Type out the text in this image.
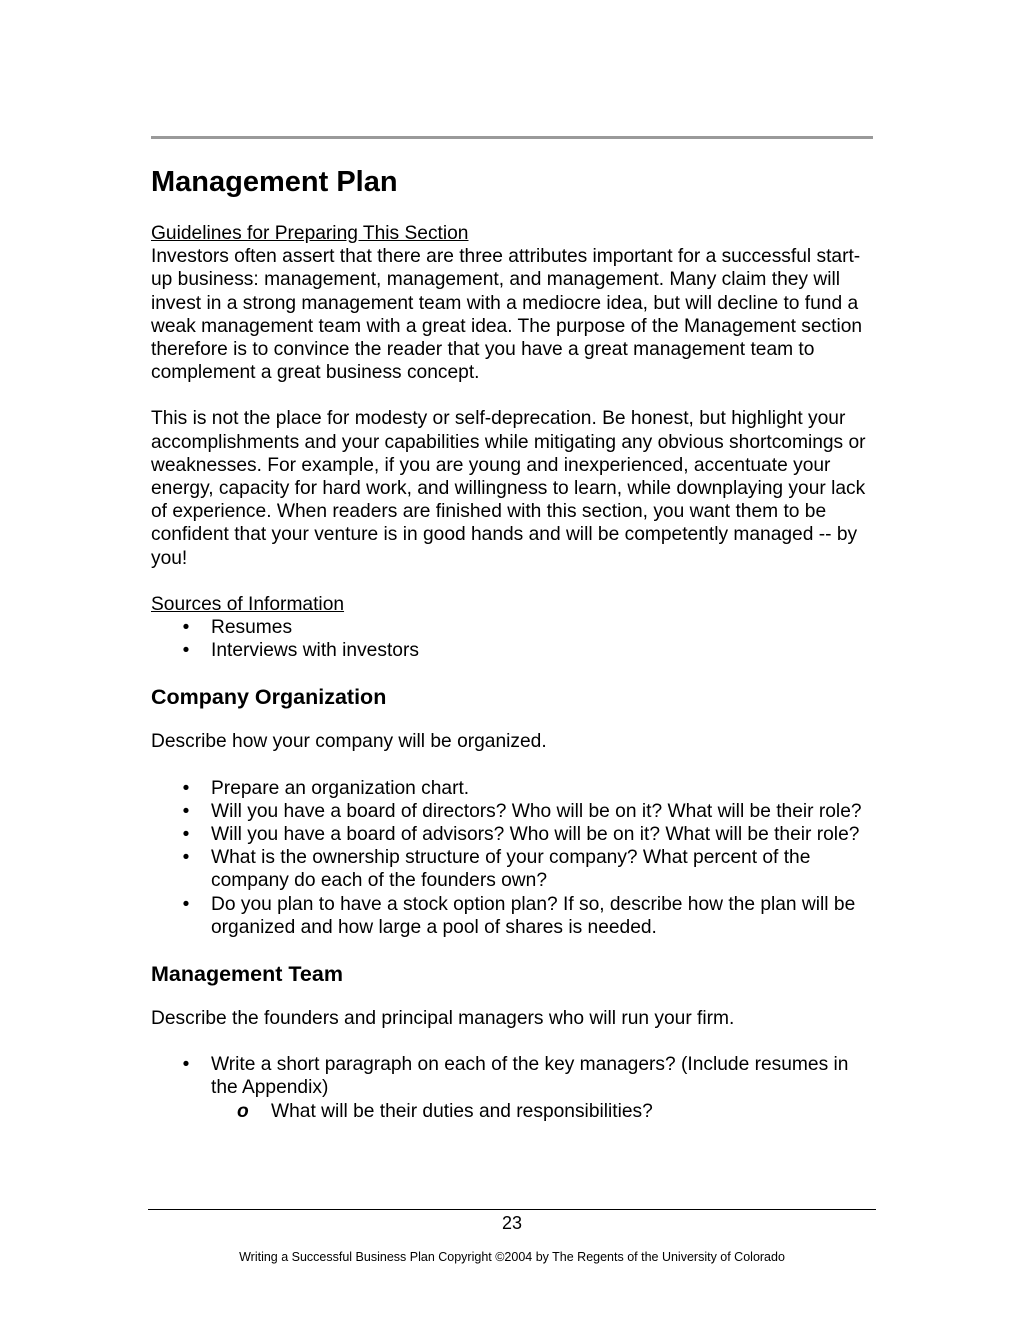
Management Plan
Guidelines for Preparing This Section

Investors often assert that there are three attributes important for a successful start-up business: management, management, and management. Many claim they will invest in a strong management team with a mediocre idea, but will decline to fund a weak management team with a great idea. The purpose of the Management section therefore is to convince the reader that you have a great management team to complement a great business concept.

This is not the place for modesty or self-deprecation. Be honest, but highlight your accomplishments and your capabilities while mitigating any obvious shortcomings or weaknesses. For example, if you are young and inexperienced, accentuate your energy, capacity for hard work, and willingness to learn, while downplaying your lack of experience. When readers are finished with this section, you want them to be confident that your venture is in good hands and will be competently managed -- by you!

Sources of Information
• Resumes
• Interviews with investors
Company Organization

Describe how your company will be organized.

• Prepare an organization chart.
• Will you have a board of directors? Who will be on it? What will be their role?
• Will you have a board of advisors? Who will be on it? What will be their role?
• What is the ownership structure of your company? What percent of the company do each of the founders own?
• Do you plan to have a stock option plan? If so, describe how the plan will be organized and how large a pool of shares is needed.
Management Team

Describe the founders and principal managers who will run your firm.

• Write a short paragraph on each of the key managers? (Include resumes in the Appendix)
o What will be their duties and responsibilities?
23
Writing a Successful Business Plan Copyright ©2004 by The Regents of the University of Colorado
